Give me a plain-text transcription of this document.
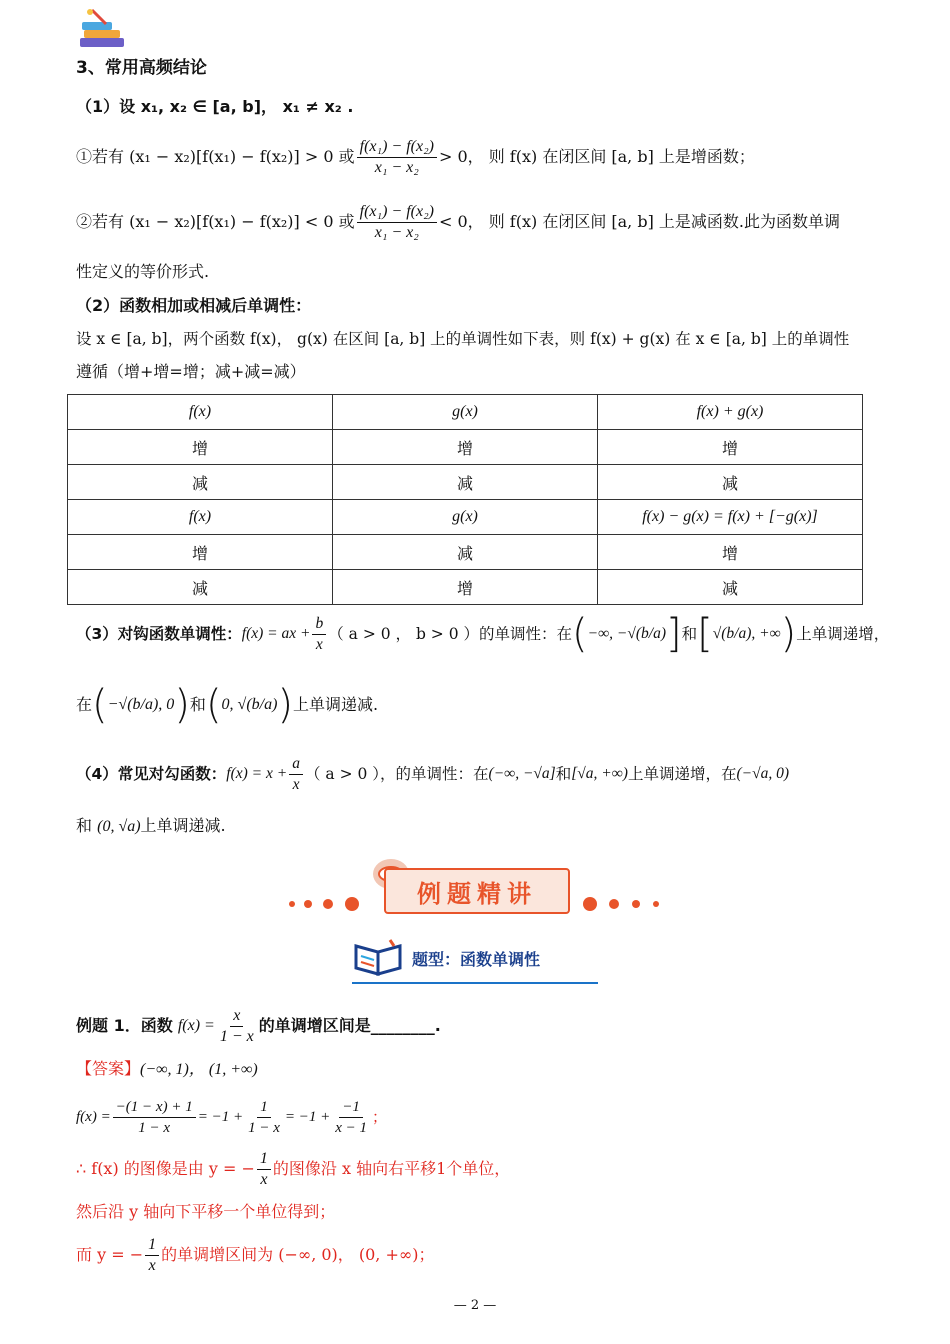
3、常用高频结论
（1）设 x₁, x₂ ∈ [a, b]， x₁ ≠ x₂ .
①若有 (x₁ − x₂)[f(x₁) − f(x₂)] > 0 或 $\frac{\text{f(x₁) − f(x₂)}}{\text{x₁ − x₂}} > 0$， 则 f(x) 在闭区间 [a, b] 上是增函数；
②若有 (x₁ − x₂)[f(x₁) − f(x₂)] < 0 或 $\frac{\text{f(x₁) − f(x₂)}}{\text{x₁ − x₂}} < 0$， 则 f(x) 在闭区间 [a, b] 上是减函数.此为函数单调
性定义的等价形式.
（2）函数相加或相减后单调性：
设 x ∈ [a, b]，两个函数 f(x)， g(x) 在区间 [a, b] 上的单调性如下表，则 f(x) + g(x) 在 x ∈ [a, b] 上的单调性
遵循（增+增=增；减+减=减）
f(x)	g(x)	f(x) + g(x)
增	增	增
减	减	减
f(x)	g(x)	f(x) − g(x) = f(x) + [−g(x)]
增	减	增
减	增	减
（3）对钩函数单调性： f(x) = ax + $\frac{b}{x}$ （ a > 0 ， b > 0 ）的单调性：在 ( −∞, −√(b/a) ] 和 [ √(b/a), +∞ ) 上单调递增，
在 ( −√(b/a), 0 ) 和 ( 0, √(b/a) ) 上单调递减.
（4）常见对勾函数： $f(x) = x + \frac{a}{x}$ （ a > 0 ），的单调性：在 (−∞, −√a] 和 [√a, +∞) 上单调递增，在 (−√a, 0)
和 (0, √a)上单调递减.
例题精讲
题型：函数单调性
例题 1．函数
$f(x) = \frac{x}{1 - x}$ 的单调增区间是________.
【答案】(−∞, 1)， (1, +∞)
$f(x) = \frac{-(1 - x) + 1}{1 - x} = -1 + \frac{1}{1 - x} = -1 + \frac{-1}{x - 1}$ ；
∴ f(x) 的图像是由 y = − $\frac{1}{x}$ 的图像沿 x 轴向右平移1个单位，
然后沿 y 轴向下平移一个单位得到；
而 y = − $\frac{1}{x}$ 的单调增区间为 (−∞, 0)， (0, +∞)；
— 2 —
